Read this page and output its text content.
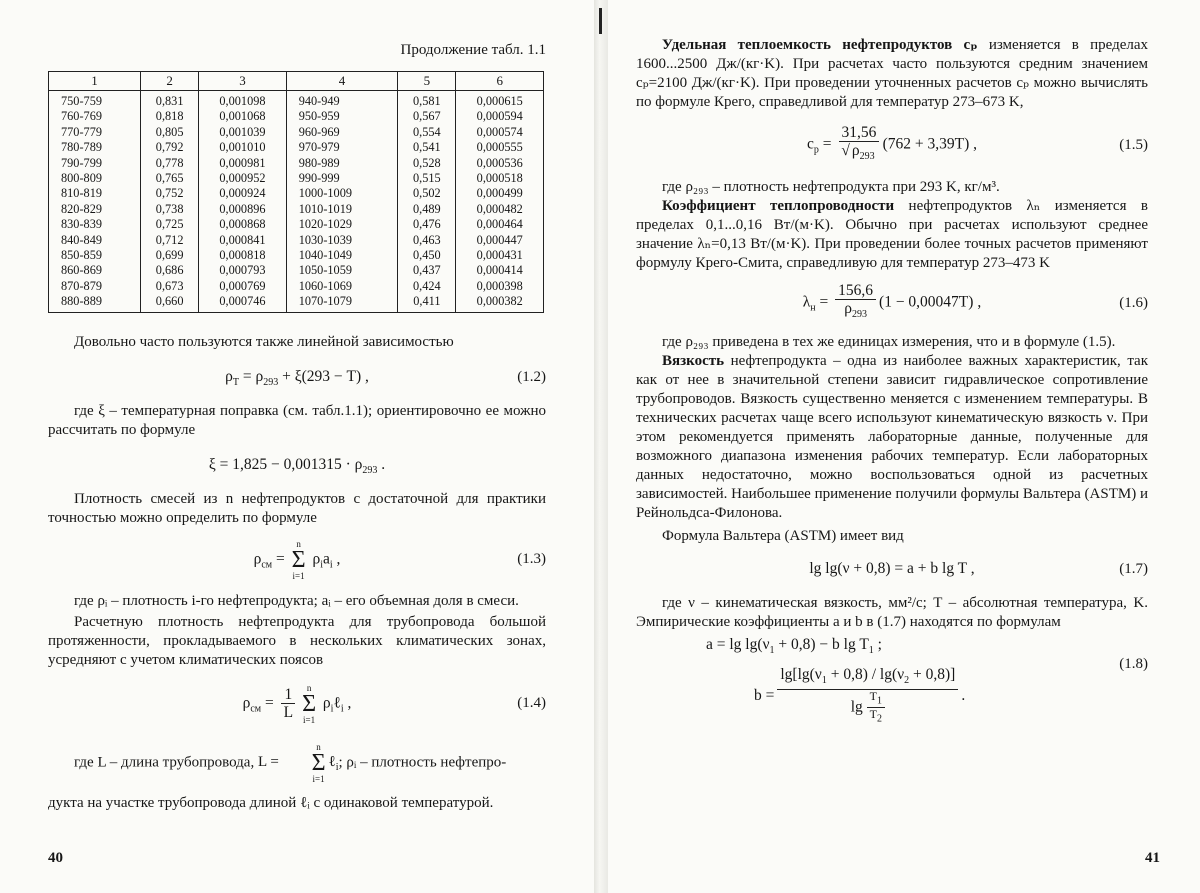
Продолжение табл. 1.1
1	2	3	4	5	6
750-759	0,831	0,001098	940-949	0,581	0,000615
760-769	0,818	0,001068	950-959	0,567	0,000594
770-779	0,805	0,001039	960-969	0,554	0,000574
780-789	0,792	0,001010	970-979	0,541	0,000555
790-799	0,778	0,000981	980-989	0,528	0,000536
800-809	0,765	0,000952	990-999	0,515	0,000518
810-819	0,752	0,000924	1000-1009	0,502	0,000499
820-829	0,738	0,000896	1010-1019	0,489	0,000482
830-839	0,725	0,000868	1020-1029	0,476	0,000464
840-849	0,712	0,000841	1030-1039	0,463	0,000447
850-859	0,699	0,000818	1040-1049	0,450	0,000431
860-869	0,686	0,000793	1050-1059	0,437	0,000414
870-879	0,673	0,000769	1060-1069	0,424	0,000398
880-889	0,660	0,000746	1070-1079	0,411	0,000382

Довольно часто пользуются также линейной зависимостью

$\rho_T = \rho_{293} + \xi(293 - T)$ ,	(1.2)

где ξ – температурная поправка (см. табл.1.1); ориентировочно ее можно рассчитать по формуле

$\xi = 1,825 - 0,001315 \cdot \rho_{293}$ .

Плотность смесей из n нефтепродуктов с достаточной для практики точностью можно определить по формуле

$\rho_{см}$ =
n
Σ
i=1
$\rho_ia_i$ ,	(1.3)

где ρᵢ – плотность i-го нефтепродукта; aᵢ – его объемная доля в смеси.

Расчетную плотность нефтепродукта для трубопровода большой протяженности, прокладываемого в нескольких климатических зонах, усредняют с учетом климатических поясов

$\rho_{см} = \frac{1}{L}$ n
Σ
i=1
$\rho_i\ell_i$ ,	(1.4)

где L – длина трубопровода, L =
n
Σ
i=1
ℓ$_i$; ρᵢ – плотность нефтепро-

дукта на участке трубопровода длиной ℓᵢ с одинаковой температурой.

40

Удельная теплоемкость нефтепродуктов cₚ изменяется в пределах 1600...2500 Дж/(кг·K). При расчетах часто пользуются средним значением cₚ=2100 Дж/(кг·K). При проведении уточненных расчетов cₚ можно вычислять по формуле Крего, справедливой для температур 273–673 K,

$c_p = \frac{31,56}{√ \rho_{293}} (762 + 3,39T)$ ,	(1.5)

где ρ₂₉₃ – плотность нефтепродукта при 293 K, кг/м³.

Коэффициент теплопроводности нефтепродуктов λₙ изменяется в пределах 0,1...0,16 Вт/(м·K). Обычно при расчетах используют среднее значение λₙ=0,13 Вт/(м·K). При проведении более точных расчетов применяют формулу Крего-Смита, справедливую для температур 273–473 K

$\lambda_н = \frac{156,6}{\rho_{293}} (1 - 0,00047T)$ ,	(1.6)

где ρ₂₉₃ приведена в тех же единицах измерения, что и в формуле (1.5).

Вязкость нефтепродукта – одна из наиболее важных характеристик, так как от нее в значительной степени зависит гидравлическое сопротивление трубопроводов. Вязкость существенно меняется с изменением температуры. В технических расчетах чаще всего используют кинематическую вязкость ν. При этом рекомендуется применять лабораторные данные, полученные для возможного диапазона изменения рабочих температур. Если лабораторных данных недостаточно, можно воспользоваться одной из расчетных зависимостей. Наибольшее применение получили формулы Вальтера (ASTM) и Рейнольдса-Филонова.

Формула Вальтера (ASTM) имеет вид

lg lg(ν + 0,8) = a + b lg T ,	(1.7)

где ν – кинематическая вязкость, мм²/с; T – абсолютная температура, K. Эмпирические коэффициенты a и b в (1.7) находятся по формулам

$a = \lg \lg(\nu_1 + 0,8) - b$ $\lg T_1$ ;
$b = \frac{\lg[\lg(\nu_1 + 0,8) / \lg(\nu_2 + 0,8)]}{\lg \frac{T_1}{T_2}}$ .
(1.8)
41
